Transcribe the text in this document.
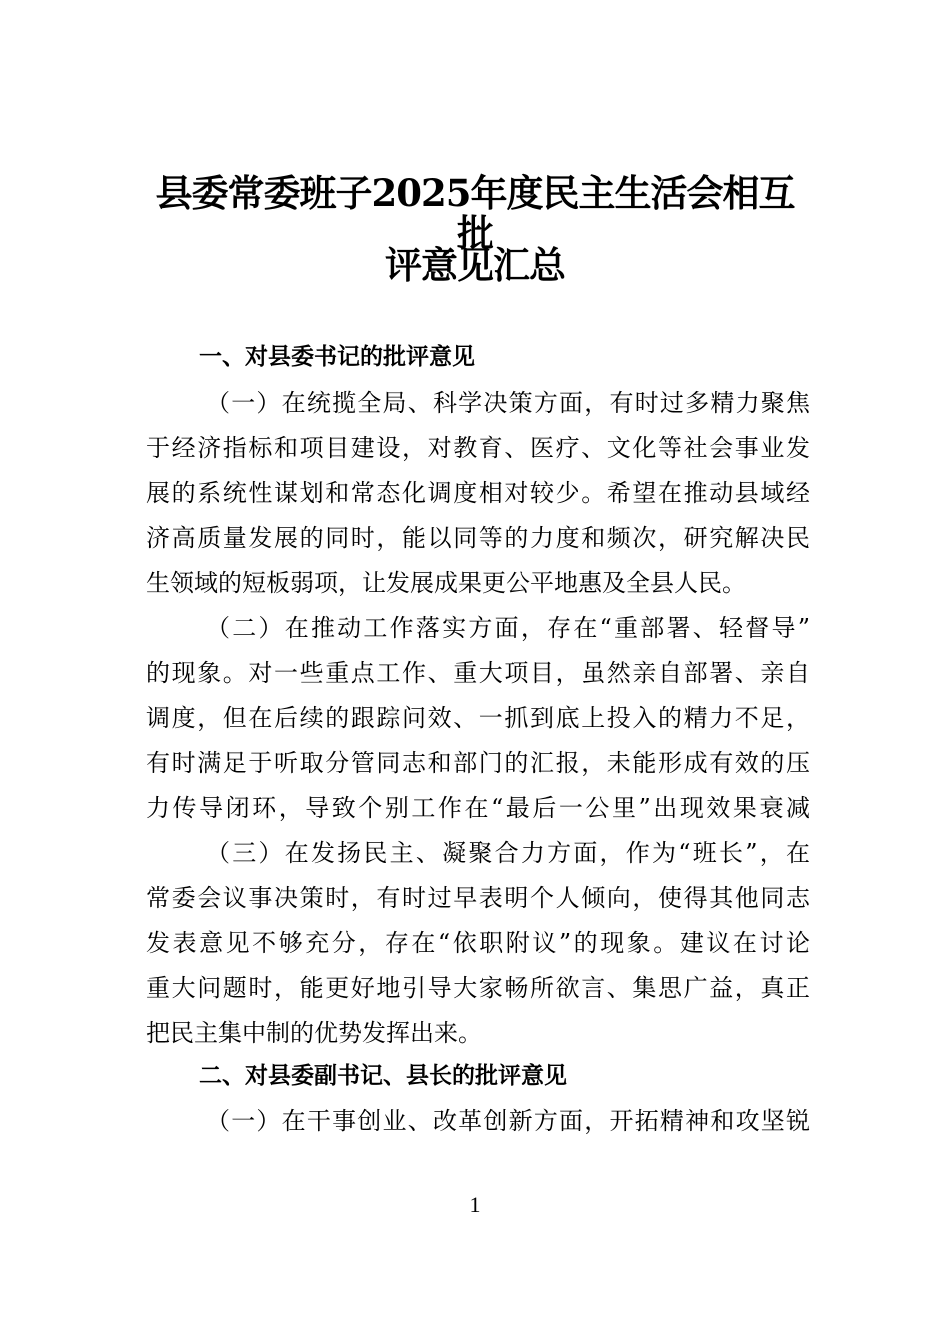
县委常委班子2025年度民主生活会相互批
评意见汇总
一、对县委书记的批评意见
（一）在统揽全局、科学决策方面，有时过多精力聚焦
于经济指标和项目建设，对教育、医疗、文化等社会事业发
展的系统性谋划和常态化调度相对较少。希望在推动县域经
济高质量发展的同时，能以同等的力度和频次，研究解决民
生领域的短板弱项，让发展成果更公平地惠及全县人民。
（二）在推动工作落实方面，存在“重部署、轻督导”
的现象。对一些重点工作、重大项目，虽然亲自部署、亲自
调度，但在后续的跟踪问效、一抓到底上投入的精力不足，
有时满足于听取分管同志和部门的汇报，未能形成有效的压
力传导闭环，导致个别工作在“最后一公里”出现效果衰减
（三）在发扬民主、凝聚合力方面，作为“班长”，在
常委会议事决策时，有时过早表明个人倾向，使得其他同志
发表意见不够充分，存在“依职附议”的现象。建议在讨论
重大问题时，能更好地引导大家畅所欲言、集思广益，真正
把民主集中制的优势发挥出来。
二、对县委副书记、县长的批评意见
（一）在干事创业、改革创新方面，开拓精神和攻坚锐
1
